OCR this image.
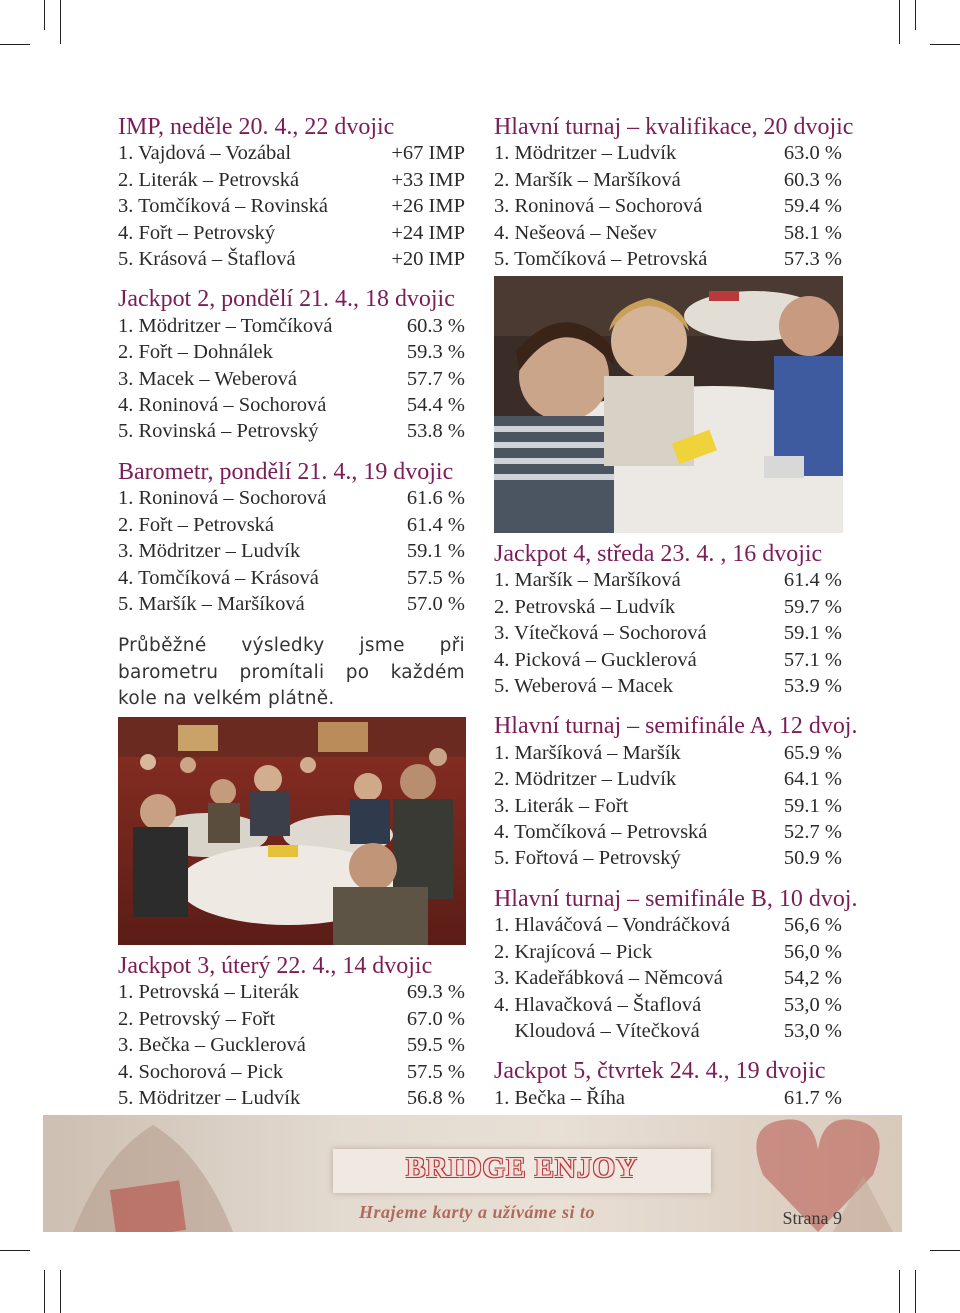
IMP, neděle 20. 4., 22 dvojic
1. Vajdová – Vozábal	+67 IMP
2. Literák – Petrovská	+33 IMP
3. Tomčíková – Rovinská	+26 IMP
4. Fořt – Petrovský	+24 IMP
5. Krásová – Štaflová	+20 IMP
Jackpot 2, pondělí 21. 4., 18 dvojic
1. Mödritzer – Tomčíková	60.3 %
2. Fořt – Dohnálek	59.3 %
3. Macek – Weberová	57.7 %
4. Roninová – Sochorová	54.4 %
5. Rovinská – Petrovský	53.8 %
Barometr, pondělí 21. 4., 19 dvojic
1. Roninová – Sochorová	61.6 %
2. Fořt – Petrovská	61.4 %
3. Mödritzer – Ludvík	59.1 %
4. Tomčíková – Krásová	57.5 %
5. Maršík – Maršíková	57.0 %
Průběžné výsledky jsme při barometru promítali po každém kole na velkém plátně.
Jackpot 3, úterý 22. 4., 14 dvojic
1. Petrovská – Literák	69.3 %
2. Petrovský – Fořt	67.0 %
3. Bečka – Gucklerová	59.5 %
4. Sochorová – Pick	57.5 %
5. Mödritzer – Ludvík	56.8 %
Hlavní turnaj – kvalifikace, 20 dvojic
1. Mödritzer – Ludvík	63.0 %
2. Maršík – Maršíková	60.3 %
3. Roninová – Sochorová	59.4 %
4. Nešeová – Nešev	58.1 %
5. Tomčíková – Petrovská	57.3 %
Jackpot 4, středa 23. 4. , 16 dvojic
1. Maršík – Maršíková	61.4 %
2. Petrovská – Ludvík	59.7 %
3. Vítečková – Sochorová	59.1 %
4. Picková – Gucklerová	57.1 %
5. Weberová – Macek	53.9 %
Hlavní turnaj – semifinále A, 12 dvoj.
1. Maršíková – Maršík	65.9 %
2. Mödritzer – Ludvík	64.1 %
3. Literák – Fořt	59.1 %
4. Tomčíková – Petrovská	52.7 %
5. Fořtová – Petrovský	50.9 %
Hlavní turnaj – semifinále B, 10 dvoj.
1. Hlaváčová – Vondráčková	56,6 %
2. Krajícová – Pick	56,0 %
3. Kadeřábková – Němcová	54,2 %
4. Hlavačková – Štaflová	53,0 %
Kloudová – Vítečková	53,0 %
Jackpot 5, čtvrtek 24. 4., 19 dvojic
1. Bečka – Říha	61.7 %
BRIDGE ENJOY
Hrajeme karty a užíváme si to	Strana 9
